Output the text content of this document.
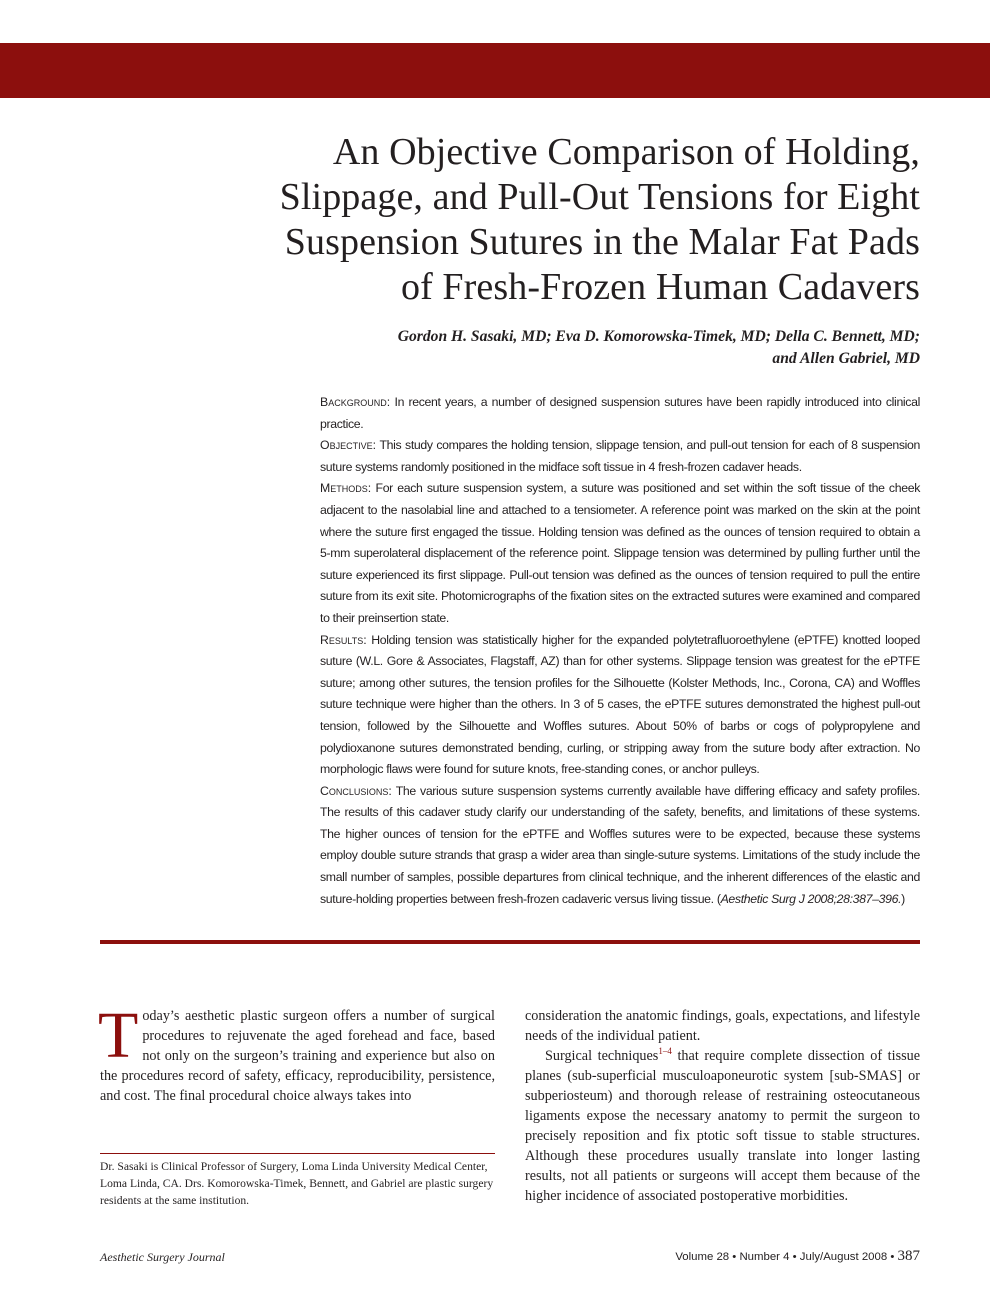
An Objective Comparison of Holding,
Slippage, and Pull-Out Tensions for Eight
Suspension Sutures in the Malar Fat Pads
of Fresh-Frozen Human Cadavers
Gordon H. Sasaki, MD; Eva D. Komorowska-Timek, MD; Della C. Bennett, MD;
and Allen Gabriel, MD

Background: In recent years, a number of designed suspension sutures have been rapidly introduced into clinical practice.

Objective: This study compares the holding tension, slippage tension, and pull-out tension for each of 8 suspension suture systems randomly positioned in the midface soft tissue in 4 fresh-frozen cadaver heads.

Methods: For each suture suspension system, a suture was positioned and set within the soft tissue of the cheek adjacent to the nasolabial line and attached to a tensiometer. A reference point was marked on the skin at the point where the suture first engaged the tissue. Holding tension was defined as the ounces of tension required to obtain a 5-mm superolateral displacement of the reference point. Slippage tension was determined by pulling further until the suture experienced its first slippage. Pull-out tension was defined as the ounces of tension required to pull the entire suture from its exit site. Photomicrographs of the fixation sites on the extracted sutures were examined and compared to their preinsertion state.

Results: Holding tension was statistically higher for the expanded polytetrafluoroethylene (ePTFE) knotted looped suture (W.L. Gore & Associates, Flagstaff, AZ) than for other systems. Slippage tension was greatest for the ePTFE suture; among other sutures, the tension profiles for the Silhouette (Kolster Methods, Inc., Corona, CA) and Woffles suture technique were higher than the others. In 3 of 5 cases, the ePTFE sutures demonstrated the highest pull-out tension, followed by the Silhouette and Woffles sutures. About 50% of barbs or cogs of polypropylene and polydioxanone sutures demonstrated bending, curling, or stripping away from the suture body after extraction. No morphologic flaws were found for suture knots, free-standing cones, or anchor pulleys.

Conclusions: The various suture suspension systems currently available have differing efficacy and safety profiles. The results of this cadaver study clarify our understanding of the safety, benefits, and limitations of these systems. The higher ounces of tension for the ePTFE and Woffles sutures were to be expected, because these systems employ double suture strands that grasp a wider area than single-suture systems. Limitations of the study include the small number of samples, possible departures from clinical technique, and the inherent differences of the elastic and suture-holding properties between fresh-frozen cadaveric versus living tissue. (Aesthetic Surg J 2008;28:387–396.)

Today’s aesthetic plastic surgeon offers a number of surgical procedures to rejuvenate the aged forehead and face, based not only on the surgeon’s training and experience but also on the procedures record of safety, efficacy, reproducibility, persistence, and cost. The final procedural choice always takes into

consideration the anatomic findings, goals, expectations, and lifestyle needs of the individual patient.

Surgical techniques$^{1-4}$ that require complete dissection of tissue planes (sub-superficial musculoaponeurotic system [sub-SMAS] or subperiosteum) and thorough release of restraining osteocutaneous ligaments expose the necessary anatomy to permit the surgeon to precisely reposition and fix ptotic soft tissue to stable structures. Although these procedures usually translate into longer lasting results, not all patients or surgeons will accept them because of the higher incidence of associated postoperative morbidities.

Dr. Sasaki is Clinical Professor of Surgery, Loma Linda University Medical Center, Loma Linda, CA. Drs. Komorowska-Timek, Bennett, and Gabriel are plastic surgery residents at the same institution.
Aesthetic Surgery Journal	Volume 28 • Number 4 • July/August 2008 • 387
